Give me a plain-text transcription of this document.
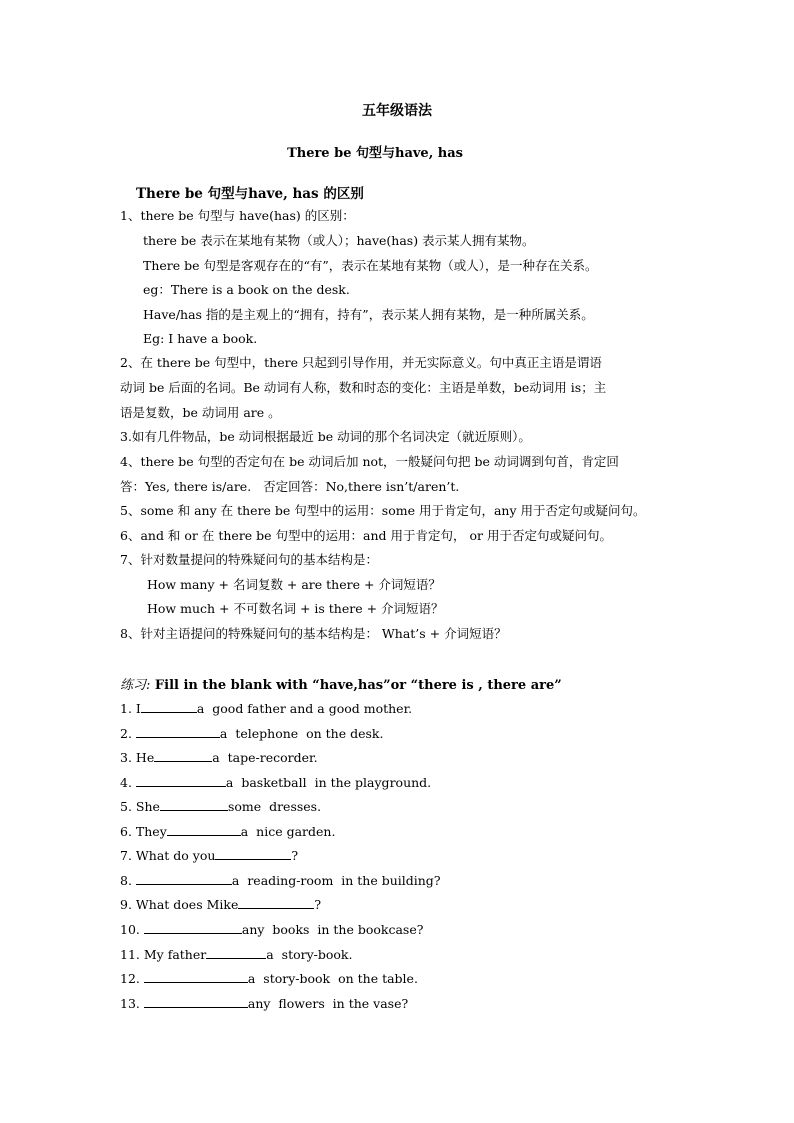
五年级语法
There be 句型与have, has
There be 句型与have, has 的区别
1、there be 句型与 have(has) 的区别：
there be 表示在某地有某物（或人）；have(has) 表示某人拥有某物。
There be 句型是客观存在的“有”，表示在某地有某物（或人），是一种存在关系。
eg：There is a book on the desk.
Have/has 指的是主观上的“拥有，持有”，表示某人拥有某物，是一种所属关系。
Eg: I have a book.
2、在 there be 句型中，there 只起到引导作用，并无实际意义。句中真正主语是谓语
动词 be 后面的名词。Be 动词有人称，数和时态的变化：主语是单数，be动词用 is；主
语是复数，be 动词用 are 。
3.如有几件物品，be 动词根据最近 be 动词的那个名词决定（就近原则）。
4、there be 句型的否定句在 be 动词后加 not，一般疑问句把 be 动词调到句首，肯定回
答：Yes, there is/are.   否定回答：No,there isn’t/aren’t.
5、some 和 any 在 there be 句型中的运用：some 用于肯定句，any 用于否定句或疑问句。
6、and 和 or 在 there be 句型中的运用：and 用于肯定句， or 用于否定句或疑问句。
7、针对数量提问的特殊疑问句的基本结构是：
How many + 名词复数 + are there + 介词短语？
How much + 不可数名词 + is there + 介词短语？
8、针对主语提问的特殊疑问句的基本结构是： What’s + 介词短语？
练习: Fill in the blank with “have,has”or “there is , there are”
1. I	a  good father and a good mother.
2.	a  telephone  on the desk.
3. He	a  tape-recorder.
4.	a  basketball  in the playground.
5. She	some  dresses.
6. They	a  nice garden.
7. What do you	?
8.	a  reading-room  in the building?
9. What does Mike	?
10.	any  books  in the bookcase?
11. My father	a  story-book.
12.	a  story-book  on the table.
13.	any  flowers  in the vase?
